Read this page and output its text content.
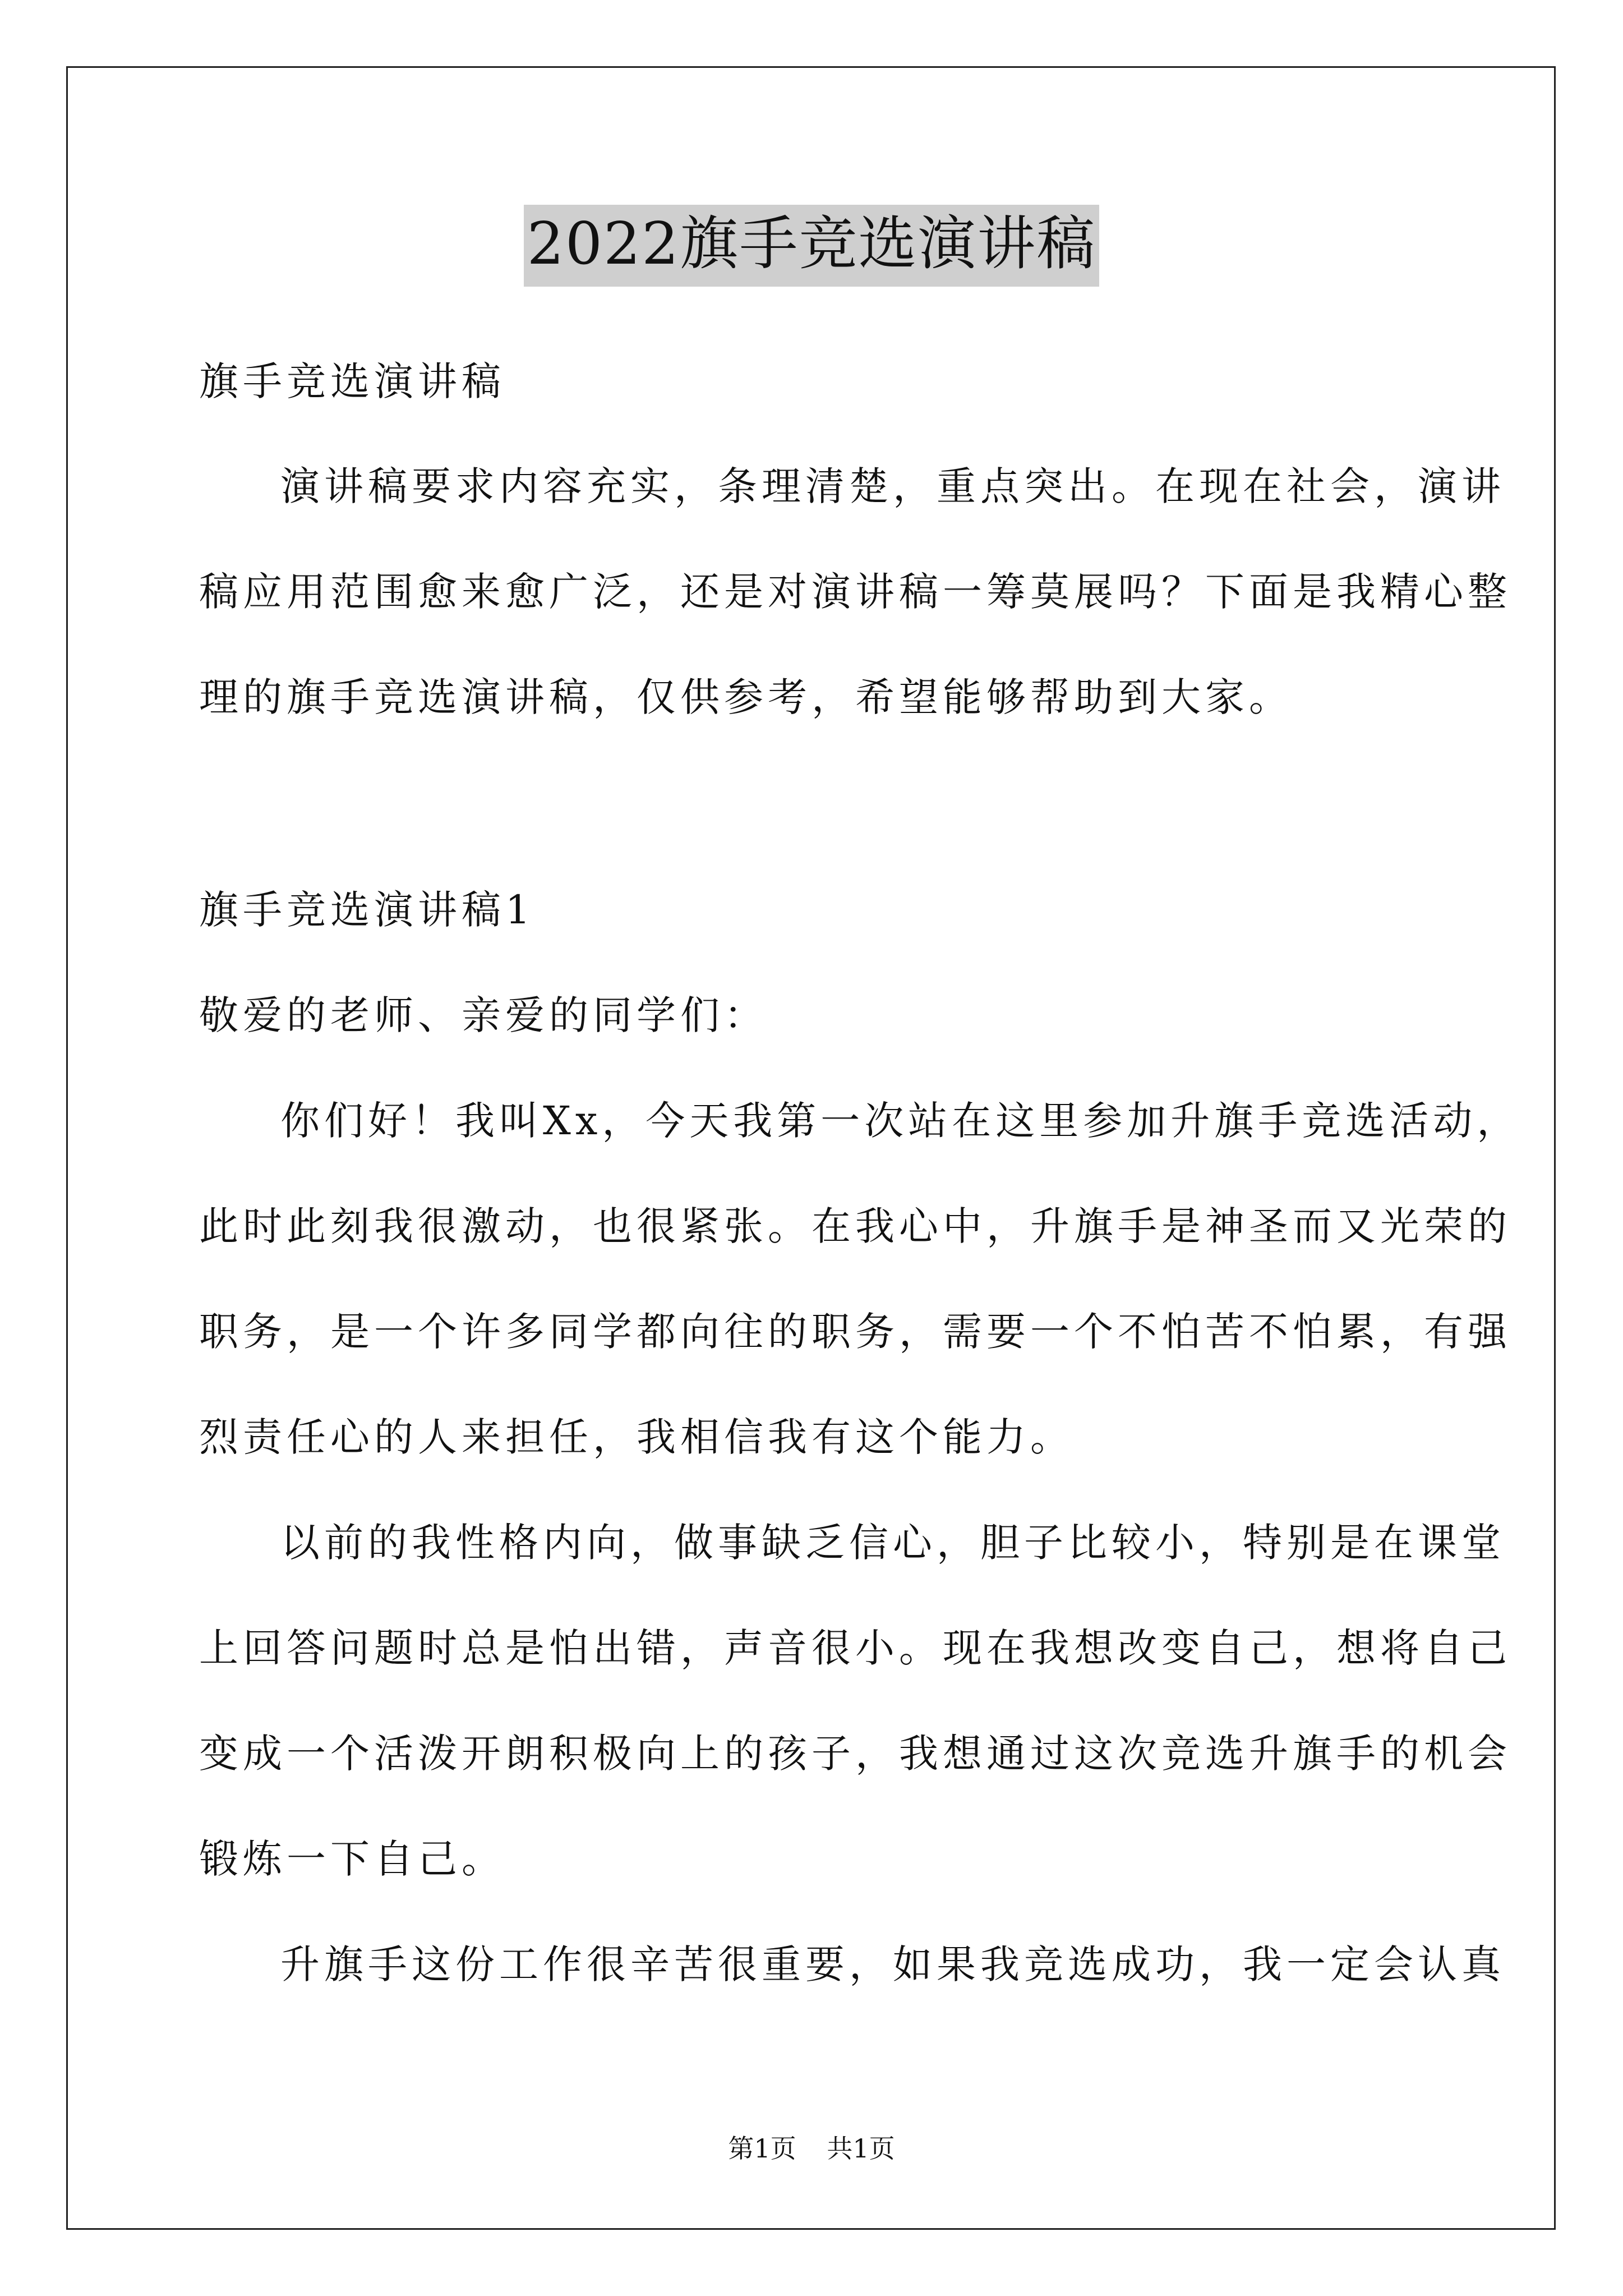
2022旗手竞选演讲稿
旗手竞选演讲稿
演讲稿要求内容充实，条理清楚，重点突出。在现在社会，演讲
稿应用范围愈来愈广泛，还是对演讲稿一筹莫展吗？下面是我精心整
理的旗手竞选演讲稿，仅供参考，希望能够帮助到大家。
旗手竞选演讲稿1
敬爱的老师、亲爱的同学们：
你们好！我叫Xx，今天我第一次站在这里参加升旗手竞选活动，
此时此刻我很激动，也很紧张。在我心中，升旗手是神圣而又光荣的
职务，是一个许多同学都向往的职务，需要一个不怕苦不怕累，有强
烈责任心的人来担任，我相信我有这个能力。
以前的我性格内向，做事缺乏信心，胆子比较小，特别是在课堂
上回答问题时总是怕出错，声音很小。现在我想改变自己，想将自己
变成一个活泼开朗积极向上的孩子，我想通过这次竞选升旗手的机会
锻炼一下自己。
升旗手这份工作很辛苦很重要，如果我竞选成功，我一定会认真
第1页 共1页
